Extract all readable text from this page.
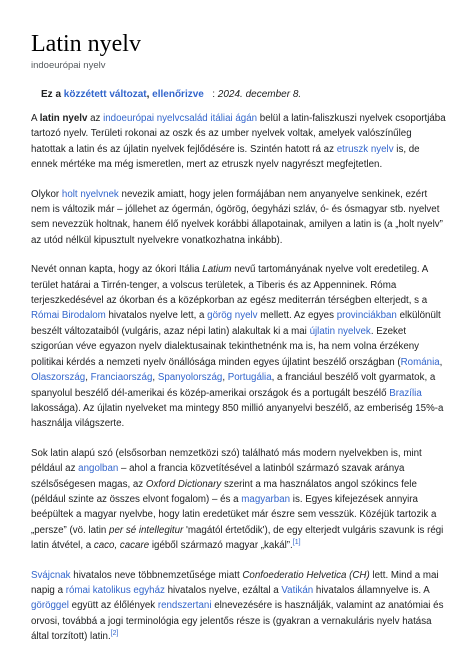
Latin nyelv
indoeurópai nyelv
Ez a közzétett változat, ellenőrizve   : 2024. december 8.

A latin nyelv az indoeurópai nyelvcsalád itáliai ágán belül a latin-faliszkuszi nyelvek csoportjába tartozó nyelv. Területi rokonai az oszk és az umber nyelvek voltak, amelyek valószínűleg hatottak a latin és az újlatin nyelvek fejlődésére is. Szintén hatott rá az etruszk nyelv is, de ennek mértéke ma még ismeretlen, mert az etruszk nyelv nagyrészt megfejtetlen.

Olykor holt nyelvnek nevezik amiatt, hogy jelen formájában nem anyanyelve senkinek, ezért nem is változik már – jóllehet az ógermán, ógörög, óegyházi szláv, ó- és ósmagyar stb. nyelvet sem nevezzük holtnak, hanem élő nyelvek korábbi állapotainak, amilyen a latin is (a „holt nyelv” az utód nélkül kipusztult nyelvekre vonatkozhatna inkább).

Nevét onnan kapta, hogy az ókori Itália Latium nevű tartományának nyelve volt eredetileg. A terület határai a Tirrén-tenger, a volscus területek, a Tiberis és az Appenninek. Róma terjeszkedésével az ókorban és a középkorban az egész mediterrán térségben elterjedt, s a Római Birodalom hivatalos nyelve lett, a görög nyelv mellett. Az egyes provinciákban elkülönült beszélt változataiból (vulgáris, azaz népi latin) alakultak ki a mai újlatin nyelvek. Ezeket szigorúan véve egyazon nyelv dialektusainak tekinthetnénk ma is, ha nem volna érzékeny politikai kérdés a nemzeti nyelv önállósága minden egyes újlatint beszélő országban (Románia, Olaszország, Franciaország, Spanyolország, Portugália, a franciául beszélő volt gyarmatok, a spanyolul beszélő dél-amerikai és közép-amerikai országok és a portugált beszélő Brazília lakossága). Az újlatin nyelveket ma mintegy 850 millió anyanyelvi beszélő, az emberiség 15%-a használja világszerte.

Sok latin alapú szó (elsősorban nemzetközi szó) található más modern nyelvekben is, mint például az angolban – ahol a francia közvetítésével a latinból származó szavak aránya szélsőségesen magas, az Oxford Dictionary szerint a ma használatos angol szókincs fele (például szinte az összes elvont fogalom) – és a magyarban is. Egyes kifejezések annyira beépültek a magyar nyelvbe, hogy latin eredetüket már észre sem vesszük. Közéjük tartozik a „persze” (vö. latin per sé intellegitur 'magától értetődik'), de egy elterjedt vulgáris szavunk is régi latin átvétel, a caco, cacare igéből származó magyar „kakál”.[1]

Svájcnak hivatalos neve többnemzetűsége miatt Confoederatio Helvetica (CH) lett. Mind a mai napig a római katolikus egyház hivatalos nyelve, ezáltal a Vatikán hivatalos államnyelve is. A göröggel együtt az élőlények rendszertani elnevezésére is használják, valamint az anatómiai és orvosi, továbbá a jogi terminológia egy jelentős része is (gyakran a vernakuláris nyelv hatása által torzított) latin.[2]
